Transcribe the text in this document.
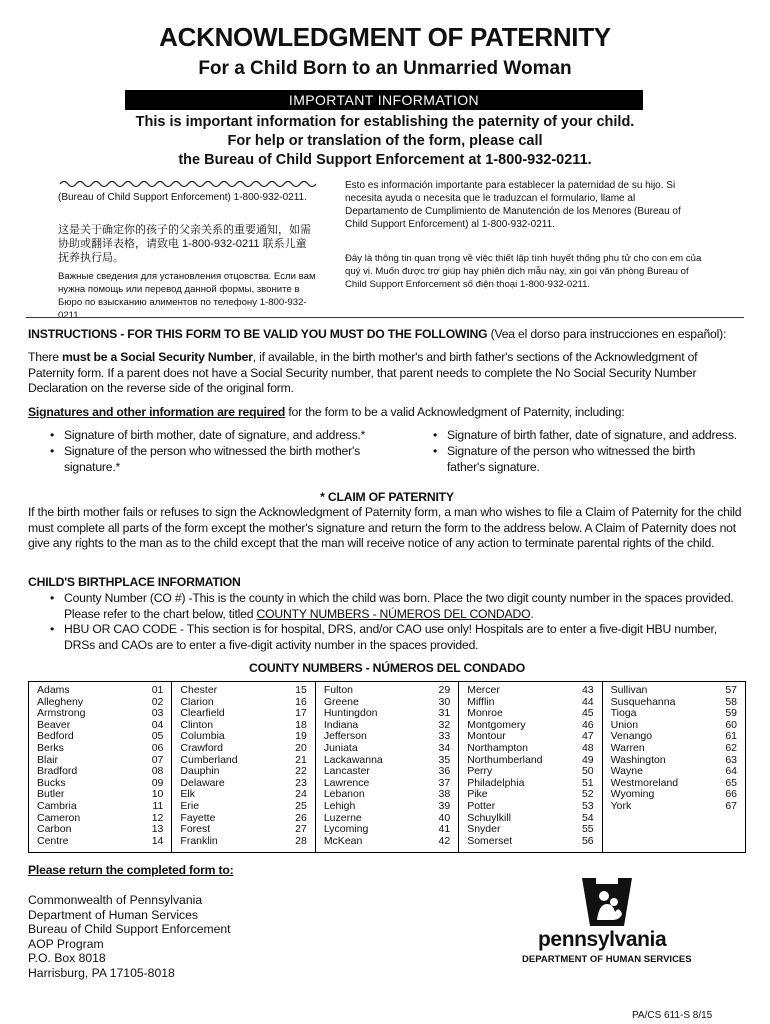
ACKNOWLEDGMENT OF PATERNITY
For a Child Born to an Unmarried Woman
IMPORTANT INFORMATION
This is important information for establishing the paternity of your child.
For help or translation of the form, please call
the Bureau of Child Support Enforcement at 1-800-932-0211.
(Bureau of Child Support Enforcement) 1-800-932-0211.
这是关于确定你的孩子的父亲关系的重要通知，如需协助或翻译表格，请致电 1-800-932-0211 联系儿童抚养执行局。
Важные сведения для установления отцовства. Если вам нужна помощь или перевод данной формы, звоните в Бюро по взысканию алиментов по телефону 1-800-932-0211.
Esto es información importante para establecer la paternidad de su hijo. Si necesita ayuda o necesita que le traduzcan el formulario, llame al Departamento de Cumplimiento de Manutención de los Menores (Bureau of Child Support Enforcement) al 1-800-932-0211.
Đây là thông tin quan trọng về việc thiết lập tình huyết thống phụ tử cho con em của quý vị. Muốn được trợ giúp hay phiên dịch mẫu này, xin gọi văn phòng Bureau of Child Support Enforcement số điện thoại 1-800-932-0211.
INSTRUCTIONS - FOR THIS FORM TO BE VALID YOU MUST DO THE FOLLOWING (Vea el dorso para instrucciones en español):
There must be a Social Security Number, if available, in the birth mother's and birth father's sections of the Acknowledgment of Paternity form. If a parent does not have a Social Security number, that parent needs to complete the No Social Security Number Declaration on the reverse side of the original form.
Signatures and other information are required for the form to be a valid Acknowledgment of Paternity, including:
• Signature of birth mother, date of signature, and address.*
• Signature of the person who witnessed the birth mother's signature.*
• Signature of birth father, date of signature, and address.
• Signature of the person who witnessed the birth father's signature.
* CLAIM OF PATERNITY
If the birth mother fails or refuses to sign the Acknowledgment of Paternity form, a man who wishes to file a Claim of Paternity for the child must complete all parts of the form except the mother's signature and return the form to the address below. A Claim of Paternity does not give any rights to the man as to the child except that the man will receive notice of any action to terminate parental rights of the child.
CHILD'S BIRTHPLACE INFORMATION
• County Number (CO #) -This is the county in which the child was born. Place the two digit county number in the spaces provided. Please refer to the chart below, titled COUNTY NUMBERS - NÚMEROS DEL CONDADO.
• HBU OR CAO CODE - This section is for hospital, DRS, and/or CAO use only! Hospitals are to enter a five-digit HBU number, DRSs and CAOs are to enter a five-digit activity number in the spaces provided.
COUNTY NUMBERS - NÚMEROS DEL CONDADO
Adams	01
Allegheny	02
Armstrong	03
Beaver	04
Bedford	05
Berks	06
Blair	07
Bradford	08
Bucks	09
Butler	10
Cambria	11
Cameron	12
Carbon	13
Centre	14
Chester	15
Clarion	16
Clearfield	17
Clinton	18
Columbia	19
Crawford	20
Cumberland	21
Dauphin	22
Delaware	23
Elk	24
Erie	25
Fayette	26
Forest	27
Franklin	28
Fulton	29
Greene	30
Huntingdon	31
Indiana	32
Jefferson	33
Juniata	34
Lackawanna	35
Lancaster	36
Lawrence	37
Lebanon	38
Lehigh	39
Luzerne	40
Lycoming	41
McKean	42
Mercer	43
Mifflin	44
Monroe	45
Montgomery	46
Montour	47
Northampton	48
Northumberland	49
Perry	50
Philadelphia	51
Pike	52
Potter	53
Schuylkill	54
Snyder	55
Somerset	56
Sullivan	57
Susquehanna	58
Tioga	59
Union	60
Venango	61
Warren	62
Washington	63
Wayne	64
Westmoreland	65
Wyoming	66
York	67
Please return the completed form to:
Commonwealth of Pennsylvania
Department of Human Services
Bureau of Child Support Enforcement
AOP Program
P.O. Box 8018
Harrisburg, PA 17105-8018
pennsylvania
DEPARTMENT OF HUMAN SERVICES
PA/CS 611-S 8/15
